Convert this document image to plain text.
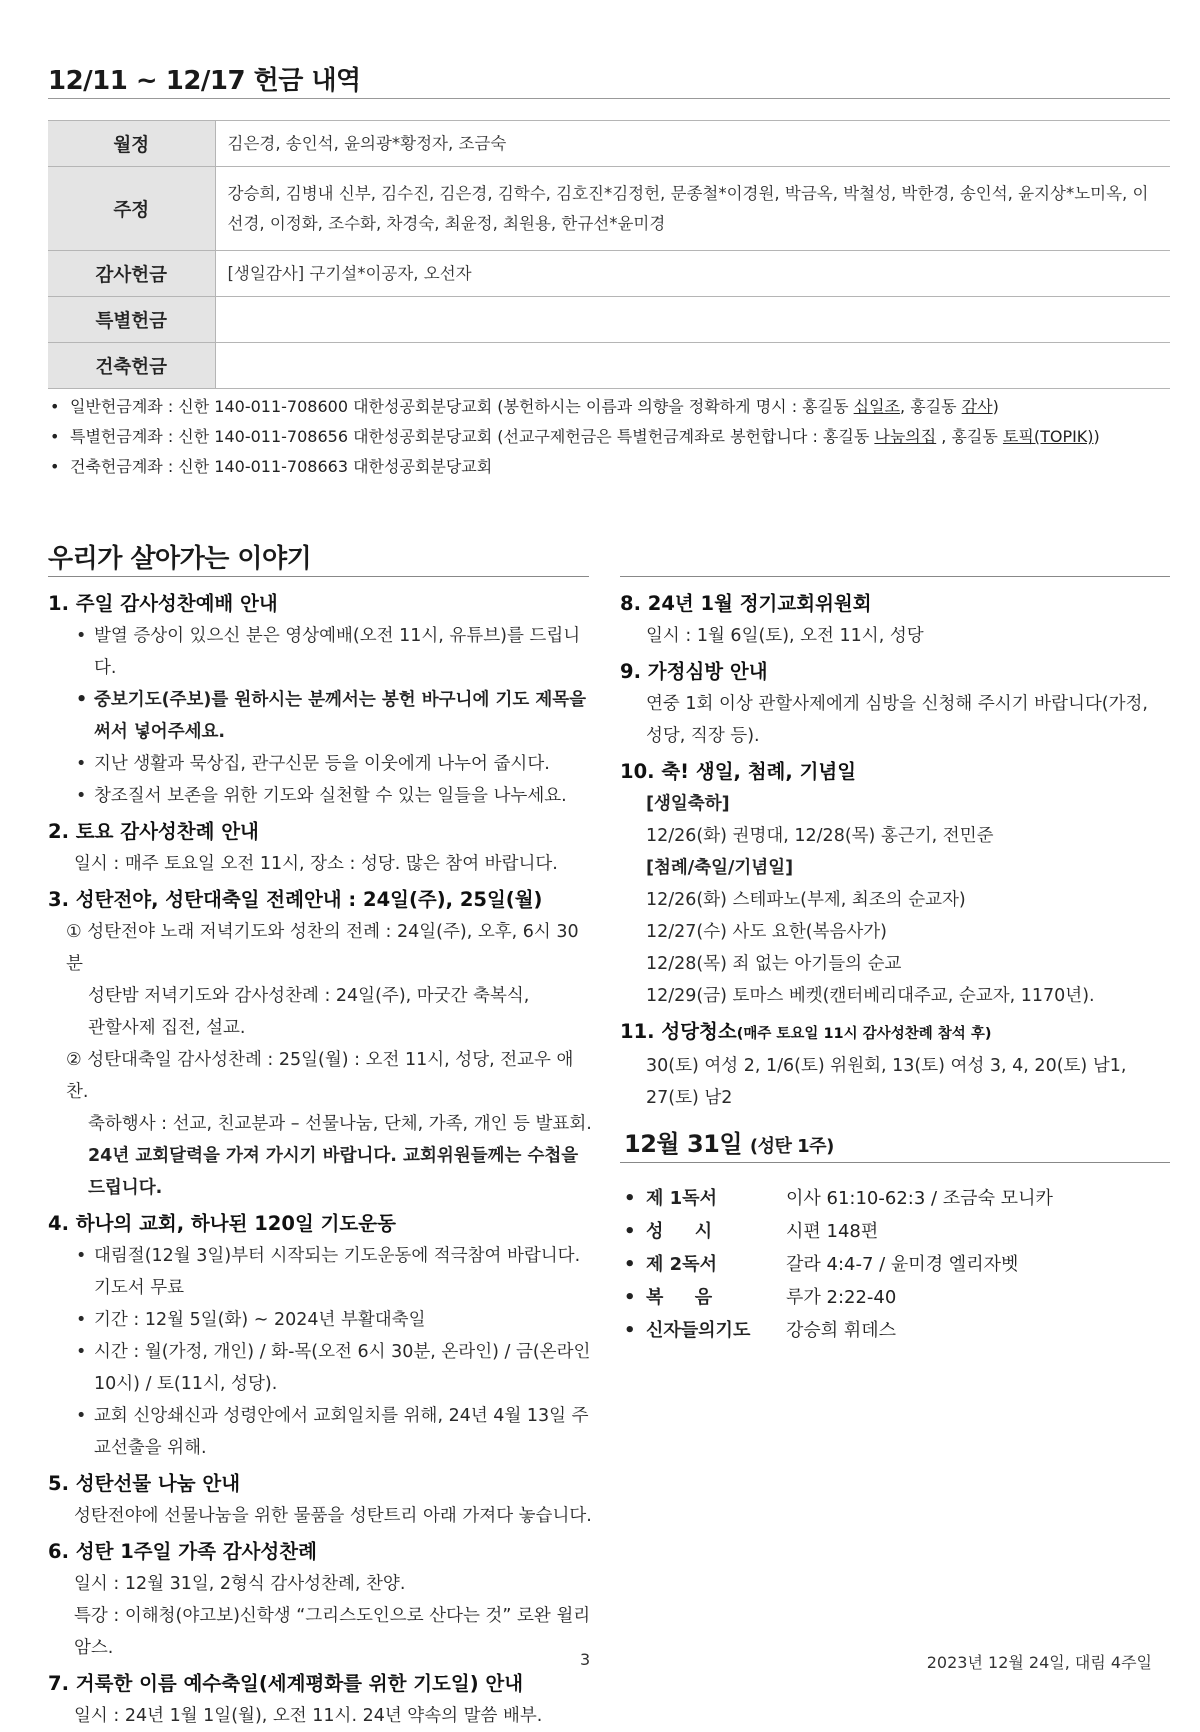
12/11 ~ 12/17 헌금 내역
월정	김은경, 송인석, 윤의광*황정자, 조금숙
주정	강승희, 김병내 신부, 김수진, 김은경, 김학수, 김호진*김정헌, 문종철*이경원, 박금옥, 박철성, 박한경, 송인석, 윤지상*노미옥, 이선경, 이정화, 조수화, 차경숙, 최윤정, 최원용, 한규선*윤미경
감사헌금	[생일감사] 구기설*이공자, 오선자
특별헌금	
건축헌금	
• 일반헌금계좌 : 신한 140-011-708600 대한성공회분당교회 (봉헌하시는 이름과 의향을 정확하게 명시 : 홍길동 십일조, 홍길동 감사)
• 특별헌금계좌 : 신한 140-011-708656 대한성공회분당교회 (선교구제헌금은 특별헌금계좌로 봉헌합니다 : 홍길동 나눔의집 , 홍길동 토픽(TOPIK))
• 건축헌금계좌 : 신한 140-011-708663 대한성공회분당교회
우리가 살아가는 이야기
1. 주일 감사성찬예배 안내
• 발열 증상이 있으신 분은 영상예배(오전 11시, 유튜브)를 드립니다.
• 중보기도(주보)를 원하시는 분께서는 봉헌 바구니에 기도 제목을 써서 넣어주세요.
• 지난 생활과 묵상집, 관구신문 등을 이웃에게 나누어 줍시다.
• 창조질서 보존을 위한 기도와 실천할 수 있는 일들을 나누세요.
2. 토요 감사성찬례 안내
일시 : 매주 토요일 오전 11시, 장소 : 성당. 많은 참여 바랍니다.
3. 성탄전야, 성탄대축일 전례안내 : 24일(주), 25일(월)
① 성탄전야 노래 저녁기도와 성찬의 전례 : 24일(주), 오후, 6시 30분
성탄밤 저녁기도와 감사성찬례 : 24일(주), 마굿간 축복식,
관할사제 집전, 설교.
② 성탄대축일 감사성찬례 : 25일(월) : 오전 11시, 성당, 전교우 애찬.
축하행사 : 선교, 친교분과 – 선물나눔, 단체, 가족, 개인 등 발표회.
24년 교회달력을 가져 가시기 바랍니다. 교회위원들께는 수첩을 드립니다.
4. 하나의 교회, 하나된 120일 기도운동
• 대림절(12월 3일)부터 시작되는 기도운동에 적극참여 바랍니다. 기도서 무료
• 기간 : 12월 5일(화) ~ 2024년 부활대축일
• 시간 : 월(가정, 개인) / 화-목(오전 6시 30분, 온라인) / 금(온라인 10시) / 토(11시, 성당).
• 교회 신앙쇄신과 성령안에서 교회일치를 위해, 24년 4월 13일 주교선출을 위해.
5. 성탄선물 나눔 안내
성탄전야에 선물나눔을 위한 물품을 성탄트리 아래 가져다 놓습니다.
6. 성탄 1주일 가족 감사성찬례
일시 : 12월 31일, 2형식 감사성찬례, 찬양.
특강 : 이해청(야고보)신학생 “그리스도인으로 산다는 것” 로완 윌리암스.
7. 거룩한 이름 예수축일(세계평화를 위한 기도일) 안내
일시 : 24년 1월 1일(월), 오전 11시. 24년 약속의 말씀 배부.
8. 24년 1월 정기교회위원회
일시 : 1월 6일(토), 오전 11시, 성당
9. 가정심방 안내
연중 1회 이상 관할사제에게 심방을 신청해 주시기 바랍니다(가정, 성당, 직장 등).
10. 축! 생일, 첨례, 기념일
[생일축하]
12/26(화) 권명대, 12/28(목) 홍근기, 전민준
[첨례/축일/기념일]
12/26(화) 스테파노(부제, 최조의 순교자)
12/27(수) 사도 요한(복음사가)
12/28(목) 죄 없는 아기들의 순교
12/29(금) 토마스 베켓(캔터베리대주교, 순교자, 1170년).
11. 성당청소(매주 토요일 11시 감사성찬례 참석 후)
30(토) 여성 2, 1/6(토) 위원회, 13(토) 여성 3, 4, 20(토) 남1, 27(토) 남2
12월 31일 (성탄 1주)
• 제 1독서	이사 61:10-62:3 / 조금숙 모니카
• 성     시	시편 148편
• 제 2독서	갈라 4:4-7 / 윤미경 엘리자벳
• 복     음	루가 2:22-40
• 신자들의기도	강승희 휘데스
3	2023년 12월 24일, 대림 4주일
